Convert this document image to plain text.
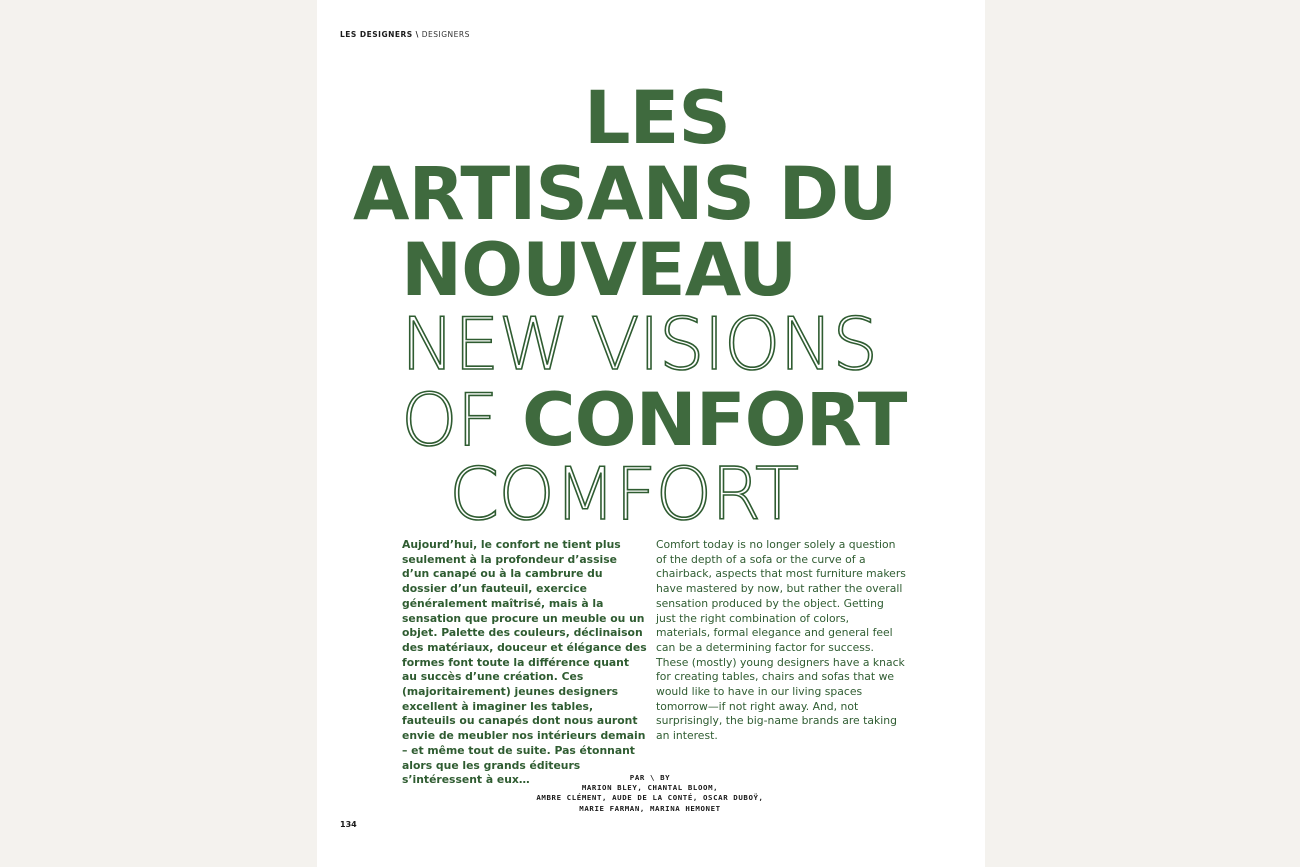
LES DESIGNERS \ DESIGNERS
LES
ARTISANS DU
NOUVEAU
NEW VISIONS
OF CONFORT
COMFORT
Aujourd’hui, le confort ne tient plus seulement à la profondeur d’assise d’un canapé ou à la cambrure du dossier d’un fauteuil, exercice généralement maîtrisé, mais à la sensation que procure un meuble ou un objet. Palette des couleurs, déclinaison des matériaux, douceur et élégance des formes font toute la différence quant au succès d’une création. Ces (majoritairement) jeunes designers excellent à imaginer les tables, fauteuils ou canapés dont nous auront envie de meubler nos intérieurs demain – et même tout de suite. Pas étonnant alors que les grands éditeurs s’intéressent à eux…
Comfort today is no longer solely a question of the depth of a sofa or the curve of a chairback, aspects that most furniture makers have mastered by now, but rather the overall sensation produced by the object. Getting just the right combination of colors, materials, formal elegance and general feel can be a determining factor for success. These (mostly) young designers have a knack for creating tables, chairs and sofas that we would like to have in our living spaces tomorrow—if not right away. And, not surprisingly, the big-name brands are taking an interest.
PAR \ BY
MARION BLEY, CHANTAL BLOOM,
AMBRE CLÉMENT, AUDE DE LA CONTÉ, OSCAR DUBOŸ,
MARIE FARMAN, MARINA HEMONET
134
